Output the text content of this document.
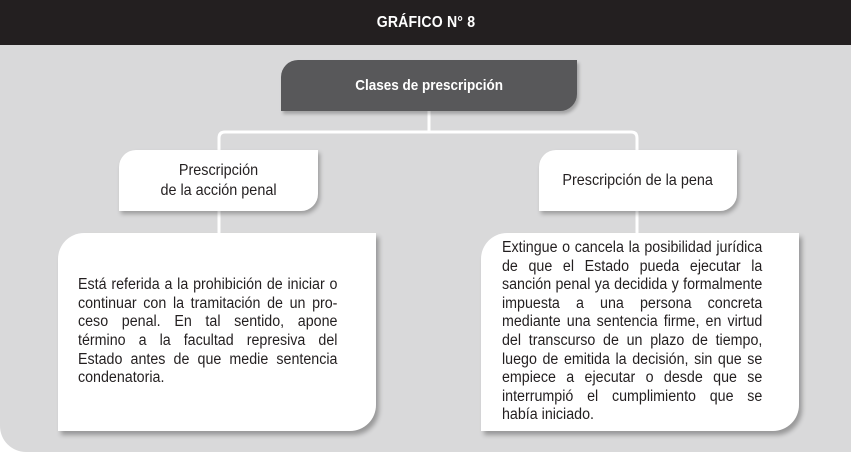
GRÁFICO N° 8
Clases de prescripción
Prescripción
de la acción penal
Prescripción de la pena
Está referida a la prohibición de iniciar o continuar con la tramitación de un pro-ceso penal. En tal sentido, apone término a la facultad represiva del Estado antes de que medie sentencia condenatoria.
Extingue o cancela la posibilidad jurídica de que el Estado pueda ejecutar la sanción penal ya decidida y formalmente impuesta a una persona concreta mediante una sentencia firme, en virtud del transcurso de un plazo de tiempo, luego de emitida la decisión, sin que se empiece a ejecutar o desde que se interrumpió el cumplimiento que se había iniciado.
